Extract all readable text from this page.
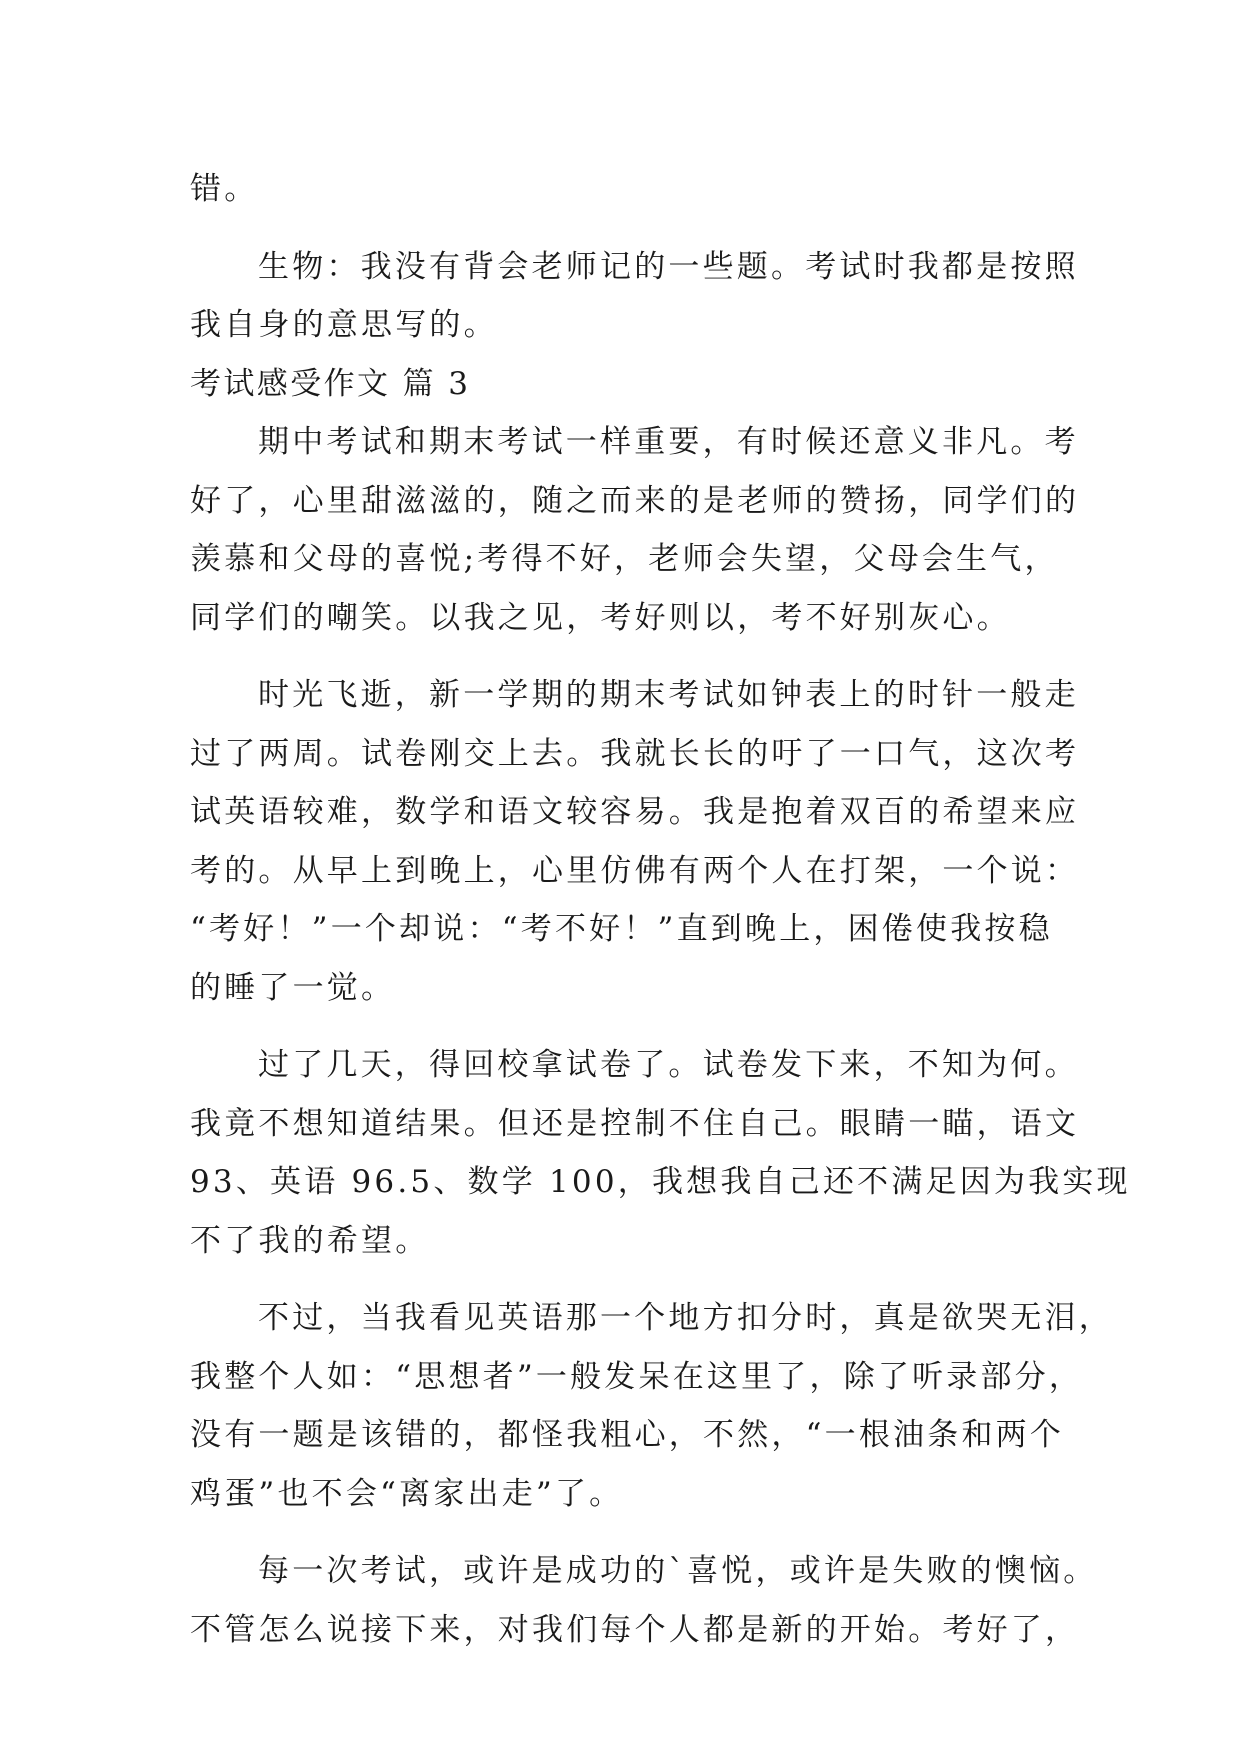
错。
生物：我没有背会老师记的一些题。考试时我都是按照
我自身的意思写的。
考试感受作文 篇 3
期中考试和期末考试一样重要，有时候还意义非凡。考
好了，心里甜滋滋的，随之而来的是老师的赞扬，同学们的
羡慕和父母的喜悦;考得不好，老师会失望，父母会生气，
同学们的嘲笑。以我之见，考好则以，考不好别灰心。
时光飞逝，新一学期的期末考试如钟表上的时针一般走
过了两周。试卷刚交上去。我就长长的吁了一口气，这次考
试英语较难，数学和语文较容易。我是抱着双百的希望来应
考的。从早上到晚上，心里仿佛有两个人在打架，一个说：
“考好！”一个却说：“考不好！”直到晚上，困倦使我按稳
的睡了一觉。
过了几天，得回校拿试卷了。试卷发下来，不知为何。
我竟不想知道结果。但还是控制不住自己。眼睛一瞄，语文
93、英语 96.5、数学 100，我想我自己还不满足因为我实现
不了我的希望。
不过，当我看见英语那一个地方扣分时，真是欲哭无泪，
我整个人如：“思想者”一般发呆在这里了，除了听录部分，
没有一题是该错的，都怪我粗心，不然，“一根油条和两个
鸡蛋”也不会“离家出走”了。
每一次考试，或许是成功的`喜悦，或许是失败的懊恼。
不管怎么说接下来，对我们每个人都是新的开始。考好了，
